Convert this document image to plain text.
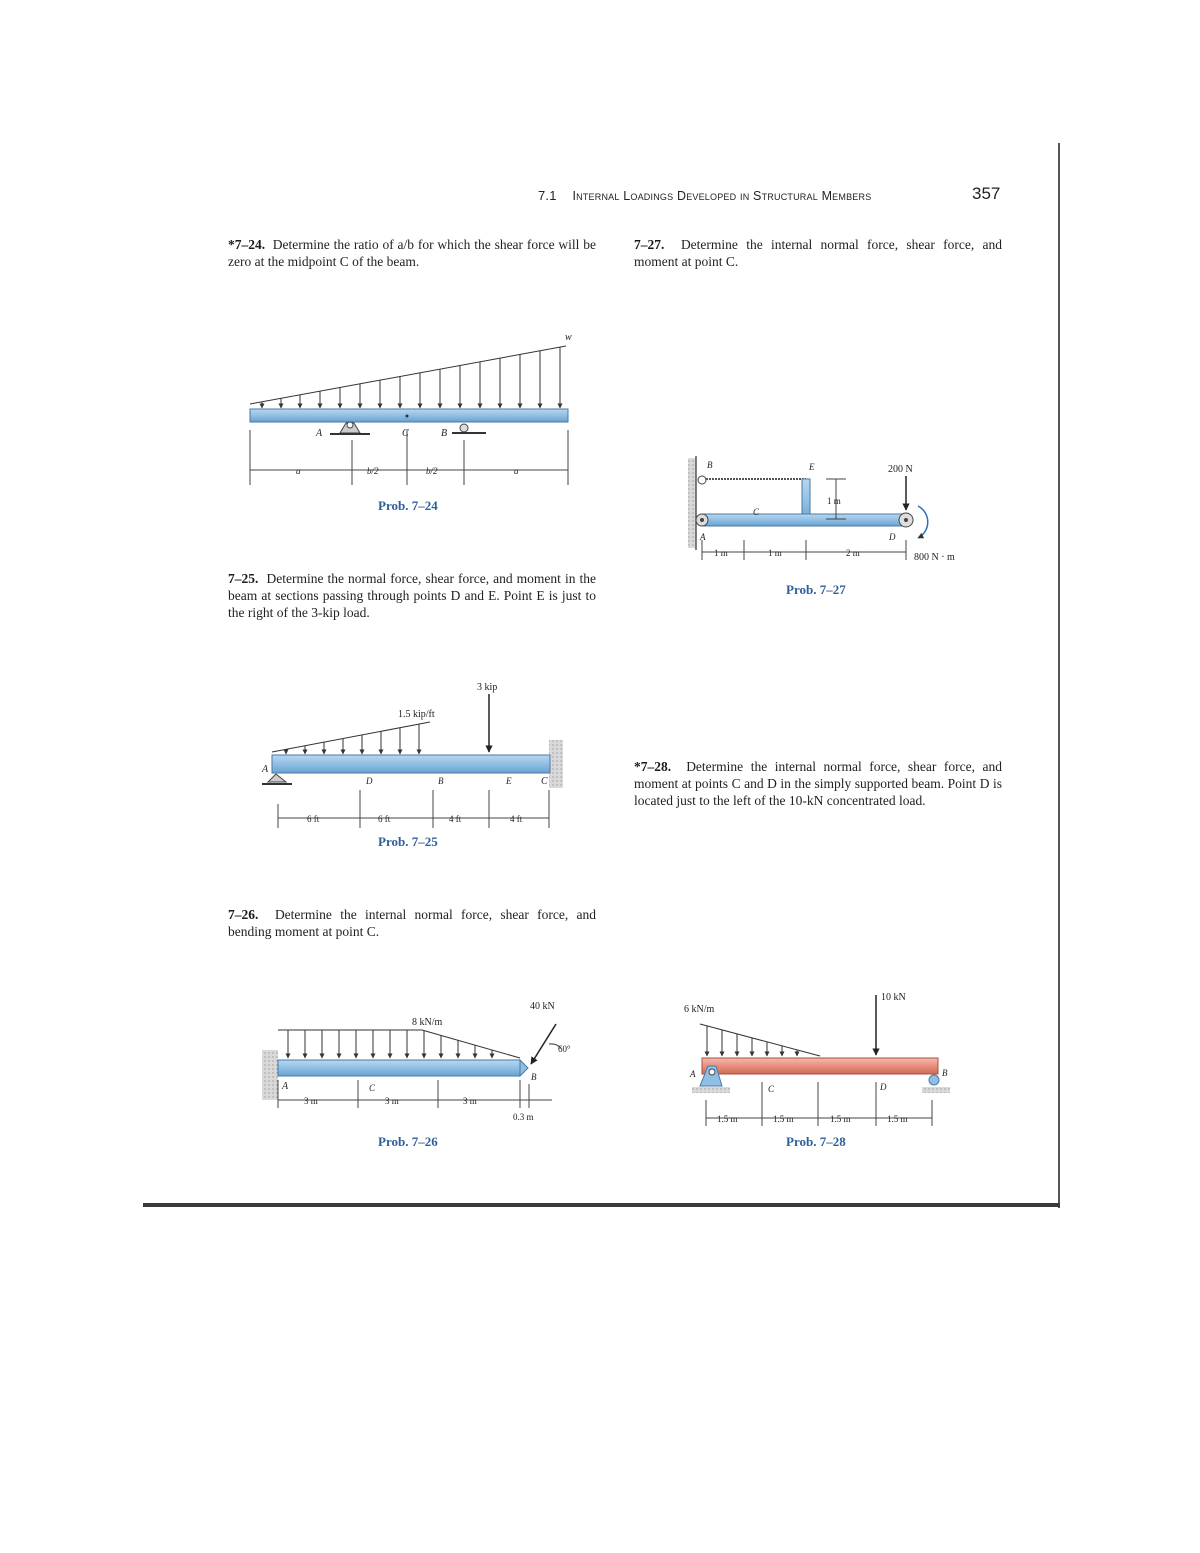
7.1 Internal Loadings Developed in Structural Members	357
*7–24. Determine the ratio of a/b for which the shear force will be zero at the midpoint C of the beam.
w
A	C	B
a	b/2	b/2	a
1.5 kip/ft
3 kip
A
D	B	E	C
6 ft	6 ft	4 ft	4 ft
40 kN
8 kN/m
60°
A	C
B
3 m	3 m	3 m
0.3 m
1 m
B	E
C
A	D
200 N
800 N · m
1 m	1 m	2 m
6 kN/m
10 kN
A
C	D
B
1.5 m	1.5 m	1.5 m	1.5 m
Prob. 7–24
7–25. Determine the normal force, shear force, and moment in the beam at sections passing through points D and E. Point E is just to the right of the 3-kip load.
Prob. 7–25
7–26. Determine the internal normal force, shear force, and bending moment at point C.
Prob. 7–26
7–27. Determine the internal normal force, shear force, and moment at point C.
Prob. 7–27
*7–28. Determine the internal normal force, shear force, and moment at points C and D in the simply supported beam. Point D is located just to the left of the 10-kN concentrated load.
Prob. 7–28
